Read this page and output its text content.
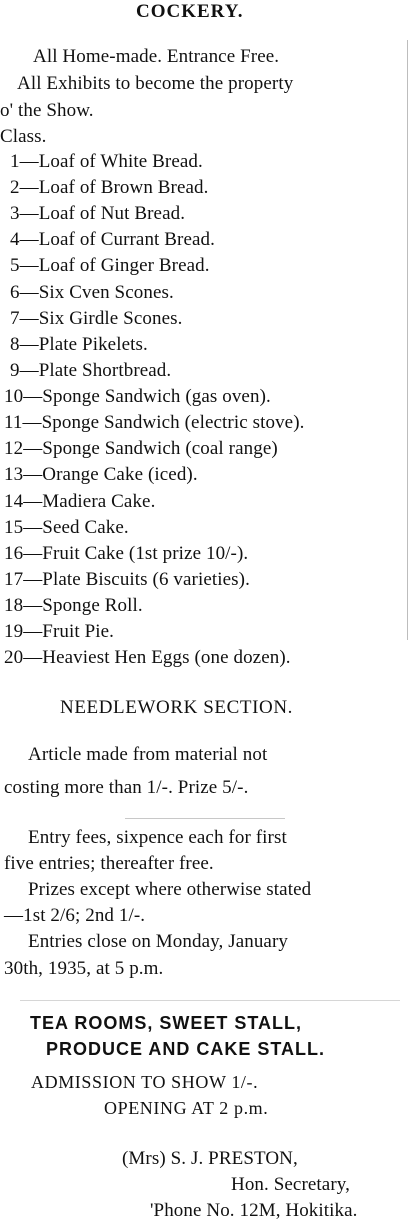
COCKERY.
All Home-made. Entrance Free.
All Exhibits to become the property
o' the Show.
Class.
1—Loaf of White Bread.
2—Loaf of Brown Bread.
3—Loaf of Nut Bread.
4—Loaf of Currant Bread.
5—Loaf of Ginger Bread.
6—Six Cven Scones.
7—Six Girdle Scones.
8—Plate Pikelets.
9—Plate Shortbread.
10—Sponge Sandwich (gas oven).
11—Sponge Sandwich (electric stove).
12—Sponge Sandwich (coal range)
13—Orange Cake (iced).
14—Madiera Cake.
15—Seed Cake.
16—Fruit Cake (1st prize 10/-).
17—Plate Biscuits (6 varieties).
18—Sponge Roll.
19—Fruit Pie.
20—Heaviest Hen Eggs (one dozen).
NEEDLEWORK SECTION.
Article made from material not
costing more than 1/-. Prize 5/-.
Entry fees, sixpence each for first
five entries; thereafter free.
Prizes except where otherwise stated
—1st 2/6; 2nd 1/-.
Entries close on Monday, January
30th, 1935, at 5 p.m.
TEA ROOMS, SWEET STALL,
PRODUCE AND CAKE STALL.
ADMISSION TO SHOW 1/-.
OPENING AT 2 p.m.
(Mrs) S. J. PRESTON,
Hon. Secretary,
'Phone No. 12M, Hokitika.
